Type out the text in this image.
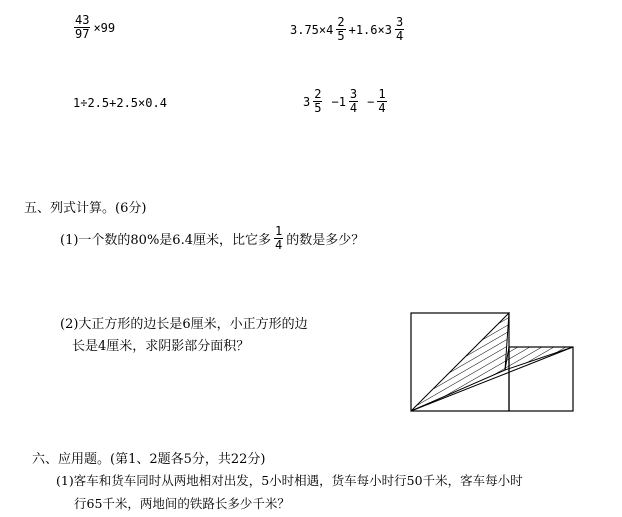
$\frac{43}{97} \times 99$	$3.75\times 4 \frac{2}{5} +1.6\times 3 \frac{3}{4}$
1÷2.5+2.5×0.4	$3 \frac{2}{5} -1 \frac{3}{4} - \frac{1}{4}$
五、列式计算。(6分)
(1)一个数的80%是6.4厘米，比它多 $\frac{1}{4}$ 的数是多少？
(2)大正方形的边长是6厘米，小正方形的边
长是4厘米，求阴影部分面积？
六、应用题。(第1、2题各5分，共22分)
(1)客车和货车同时从两地相对出发，5小时相遇，货车每小时行50千米，客车每小时
行65千米，两地间的铁路长多少千米？
